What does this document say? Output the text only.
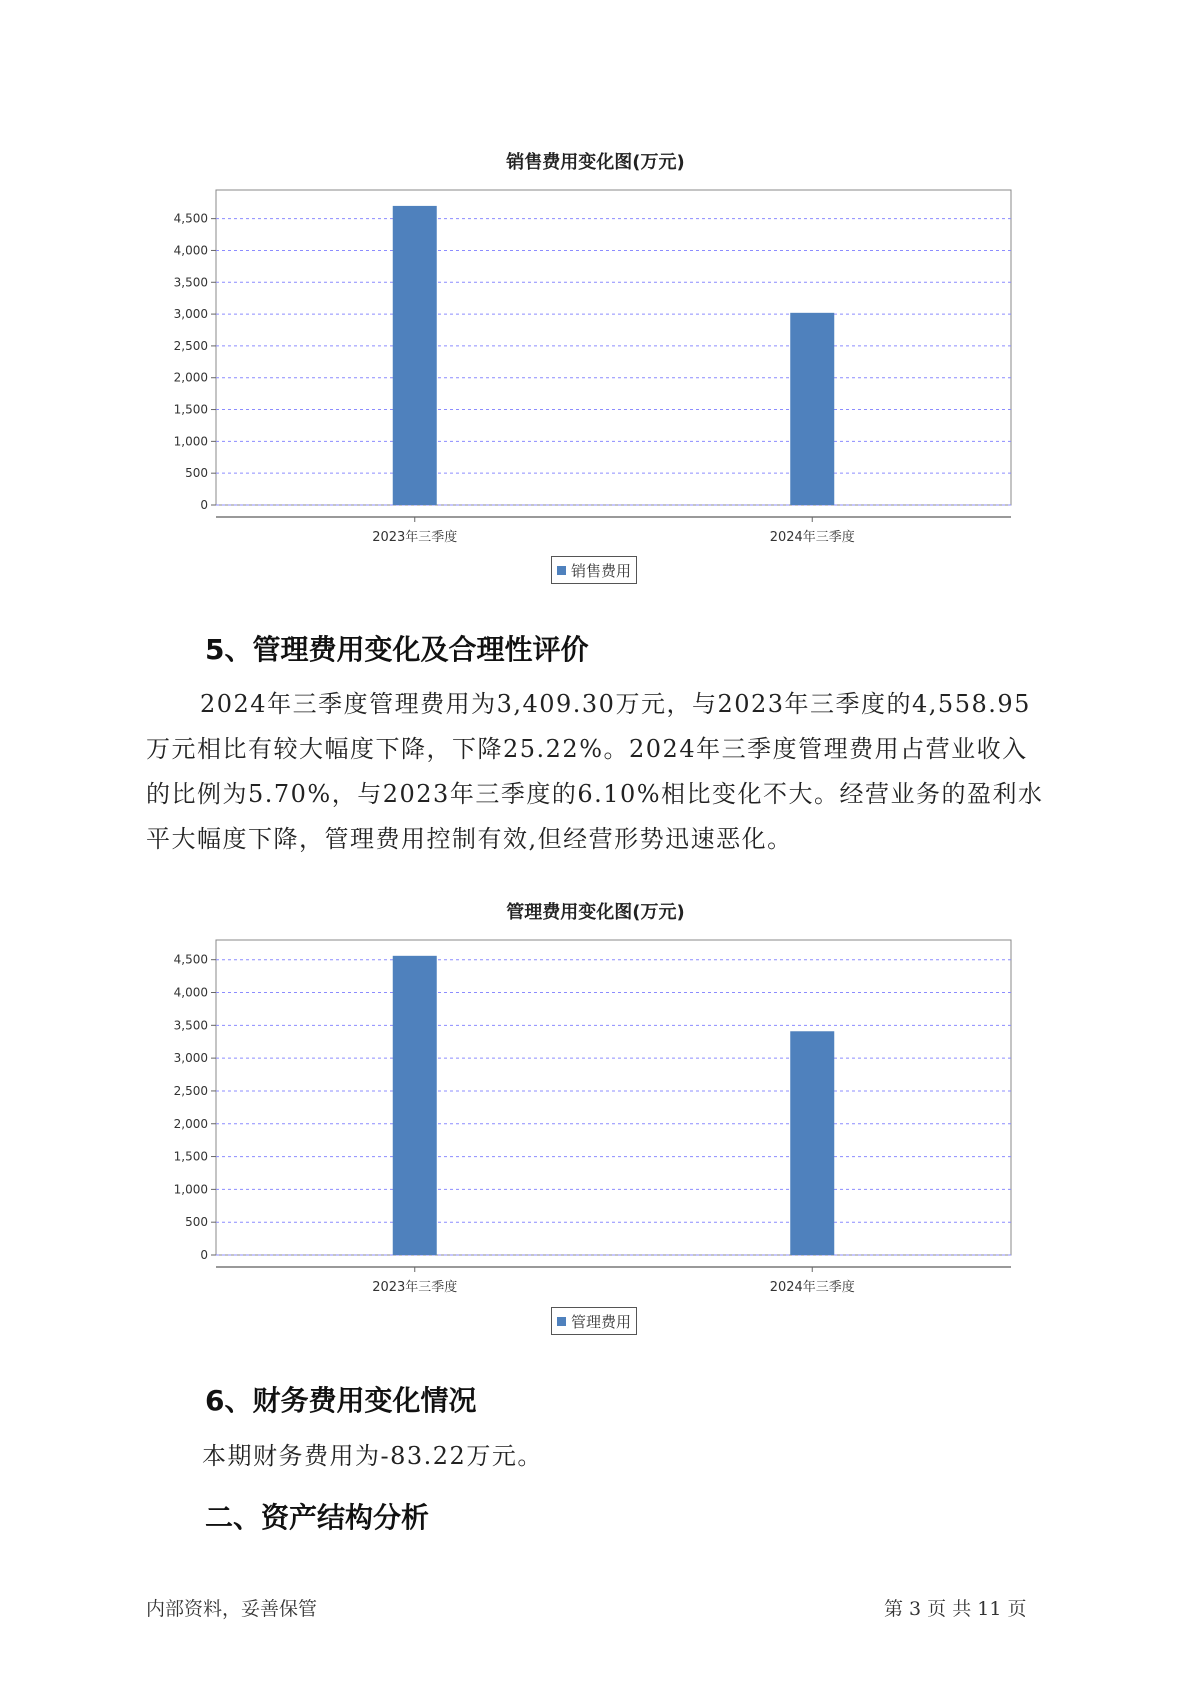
销售费用变化图(万元)
0
500
1,000
1,500
2,000
2,500
3,000
3,500
4,000
4,500
2023年三季度	2024年三季度
销售费用
5、管理费用变化及合理性评价

2024年三季度管理费用为3,409.30万元，与2023年三季度的4,558.95万元相比有较大幅度下降，下降25.22%。2024年三季度管理费用占营业收入的比例为5.70%，与2023年三季度的6.10%相比变化不大。经营业务的盈利水平大幅度下降，管理费用控制有效,但经营形势迅速恶化。

管理费用变化图(万元)
0
500
1,000
1,500
2,000
2,500
3,000
3,500
4,000
4,500
2023年三季度	2024年三季度
管理费用
6、财务费用变化情况
本期财务费用为-83.22万元。
二、资产结构分析
内部资料，妥善保管	第 3 页 共 11 页
